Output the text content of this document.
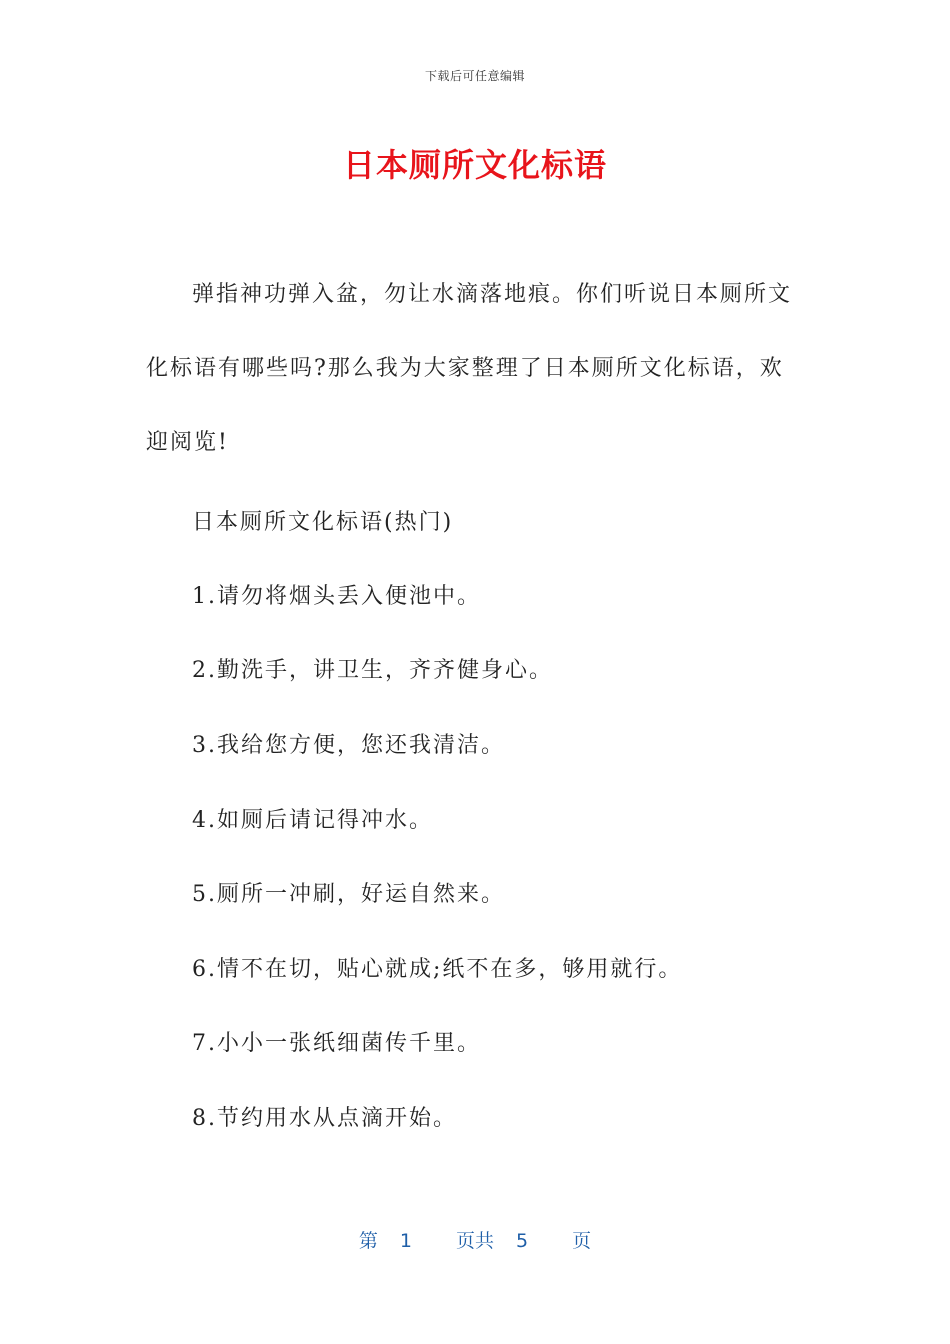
下载后可任意编辑
日本厕所文化标语

弹指神功弹入盆，勿让水滴落地痕。你们听说日本厕所文化标语有哪些吗?那么我为大家整理了日本厕所文化标语，欢迎阅览!

日本厕所文化标语(热门)
1.请勿将烟头丢入便池中。
2.勤洗手，讲卫生，齐齐健身心。
3.我给您方便，您还我清洁。
4.如厕后请记得冲水。
5.厕所一冲刷，好运自然来。
6.情不在切，贴心就成;纸不在多，够用就行。
7.小小一张纸细菌传千里。
8.节约用水从点滴开始。
第 1 页共 5 页
